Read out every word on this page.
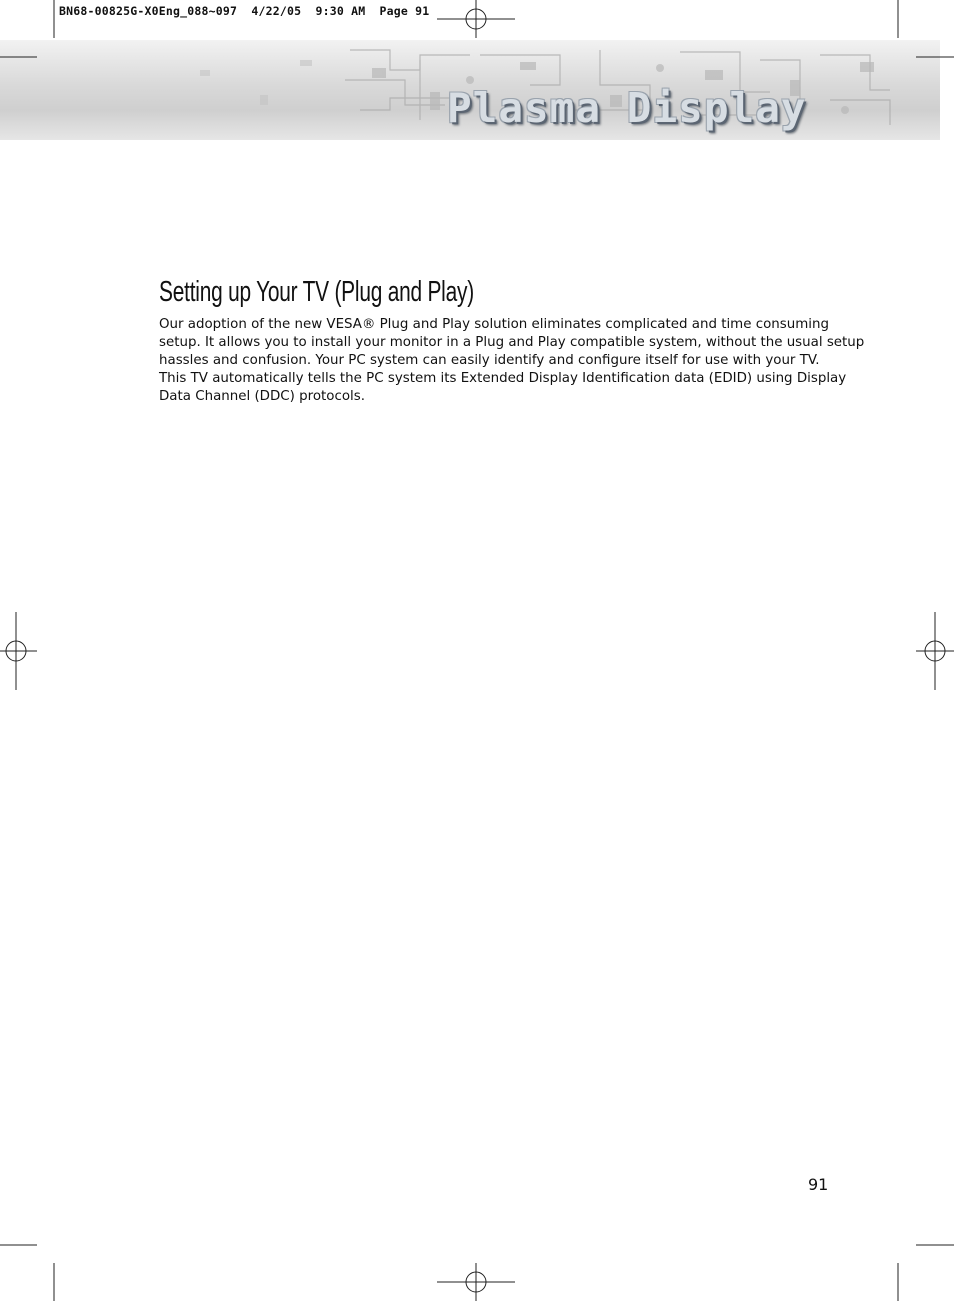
BN68-00825G-X0Eng_088~097  4/22/05  9:30 AM  Page 91
Plasma Display
Setting up Your TV (Plug and Play)
Our adoption of the new VESA® Plug and Play solution eliminates complicated and time consuming
setup. It allows you to install your monitor in a Plug and Play compatible system, without the usual setup
hassles and confusion. Your PC system can easily identify and configure itself for use with your TV.
This TV automatically tells the PC system its Extended Display Identification data (EDID) using Display
Data Channel (DDC) protocols.
91
